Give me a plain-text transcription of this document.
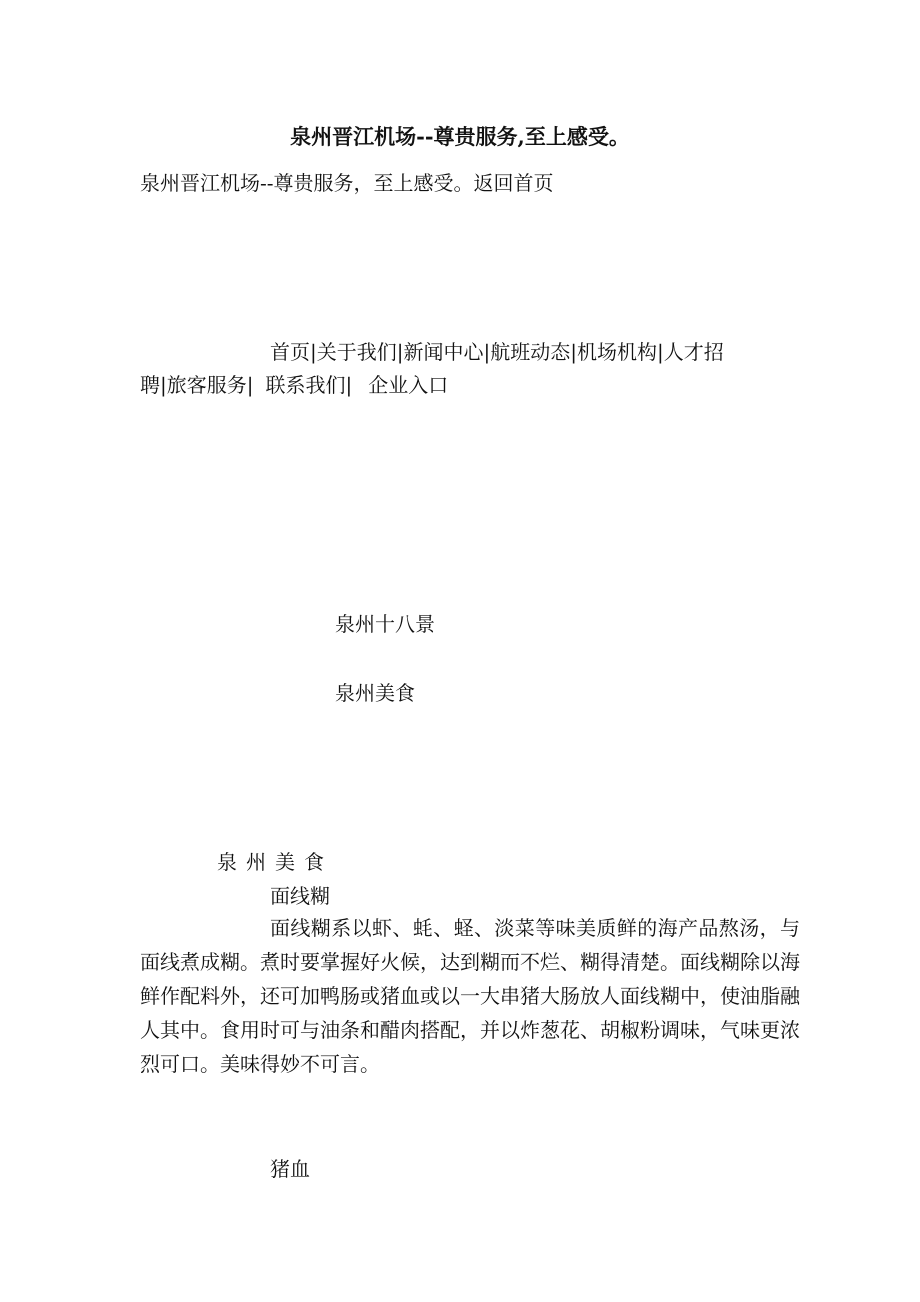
泉州晋江机场--尊贵服务,至上感受。
泉州晋江机场--尊贵服务，至上感受。返回首页
首页|关于我们|新闻中心|航班动态|机场机构|人才招
聘|旅客服务| 联系我们| 企业入口
泉州十八景
泉州美食
泉州美食
面线糊
面线糊系以虾、蚝、蛏、淡菜等味美质鲜的海产品熬汤，与面线煮成糊。煮时要掌握好火候，达到糊而不烂、糊得清楚。面线糊除以海鲜作配料外，还可加鸭肠或猪血或以一大串猪大肠放人面线糊中，使油脂融人其中。食用时可与油条和醋肉搭配，并以炸葱花、胡椒粉调味，气味更浓烈可口。美味得妙不可言。
猪血
